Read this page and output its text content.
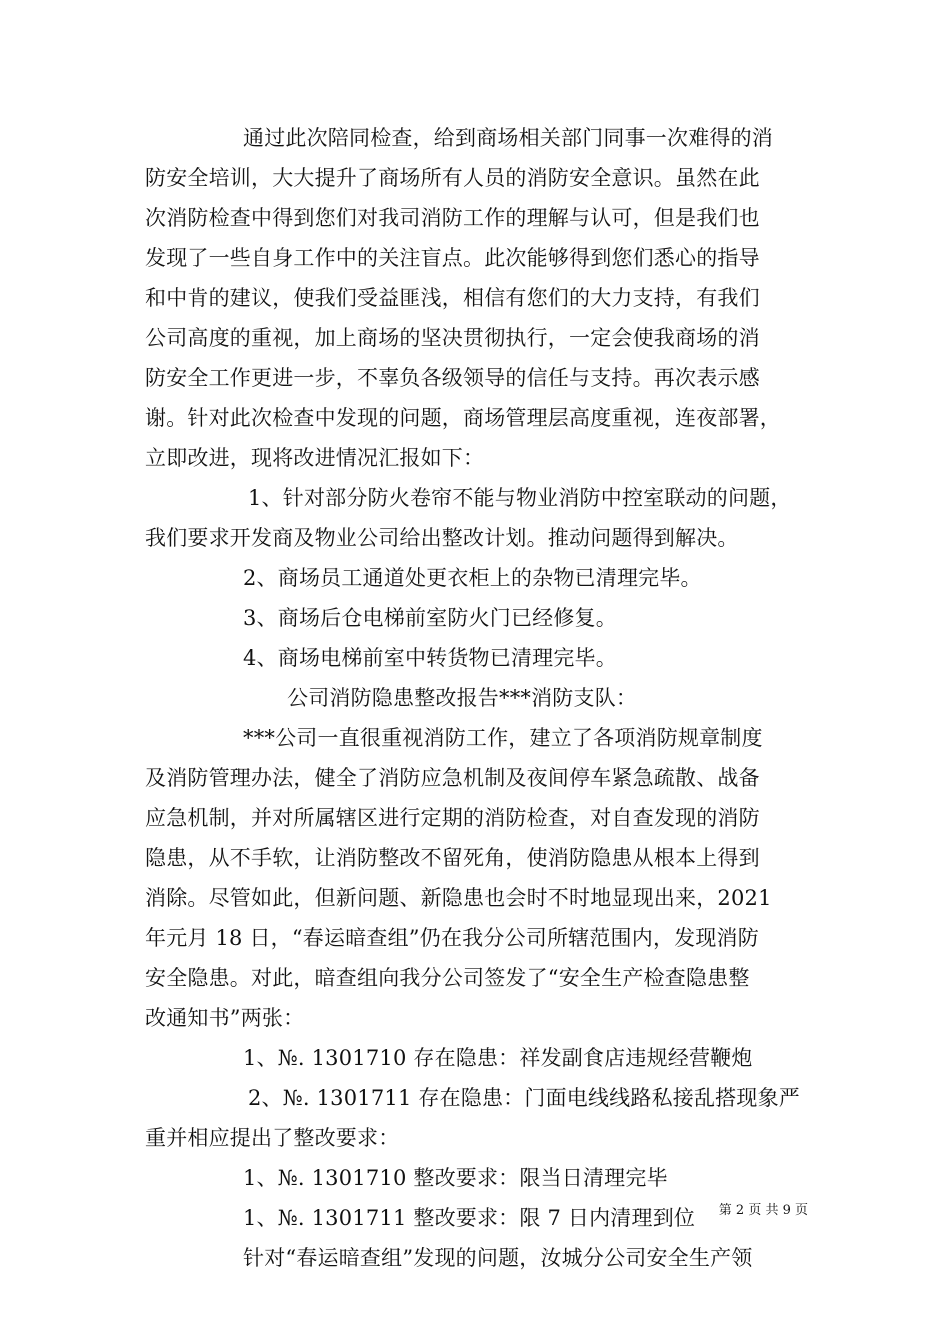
通过此次陪同检查，给到商场相关部门同事一次难得的消
防安全培训，大大提升了商场所有人员的消防安全意识。虽然在此
次消防检查中得到您们对我司消防工作的理解与认可，但是我们也
发现了一些自身工作中的关注盲点。此次能够得到您们悉心的指导
和中肯的建议，使我们受益匪浅，相信有您们的大力支持，有我们
公司高度的重视，加上商场的坚决贯彻执行，一定会使我商场的消
防安全工作更进一步，不辜负各级领导的信任与支持。再次表示感
谢。针对此次检查中发现的问题，商场管理层高度重视，连夜部署，
立即改进，现将改进情况汇报如下：
1、针对部分防火卷帘不能与物业消防中控室联动的问题，
我们要求开发商及物业公司给出整改计划。推动问题得到解决。
2、商场员工通道处更衣柜上的杂物已清理完毕。
3、商场后仓电梯前室防火门已经修复。
4、商场电梯前室中转货物已清理完毕。
公司消防隐患整改报告***消防支队：
***公司一直很重视消防工作，建立了各项消防规章制度
及消防管理办法，健全了消防应急机制及夜间停车紧急疏散、战备
应急机制，并对所属辖区进行定期的消防检查，对自查发现的消防
隐患，从不手软，让消防整改不留死角，使消防隐患从根本上得到
消除。尽管如此，但新问题、新隐患也会时不时地显现出来，2021
年元月 18 日，“春运暗查组”仍在我分公司所辖范围内，发现消防
安全隐患。对此，暗查组向我分公司签发了“安全生产检查隐患整
改通知书”两张：
1、№. 1301710 存在隐患：祥发副食店违规经营鞭炮
2、№. 1301711 存在隐患：门面电线线路私接乱搭现象严
重并相应提出了整改要求：
1、№. 1301710 整改要求：限当日清理完毕
1、№. 1301711 整改要求：限 7 日内清理到位
针对“春运暗查组”发现的问题，汝城分公司安全生产领
第 2 页 共 9 页
